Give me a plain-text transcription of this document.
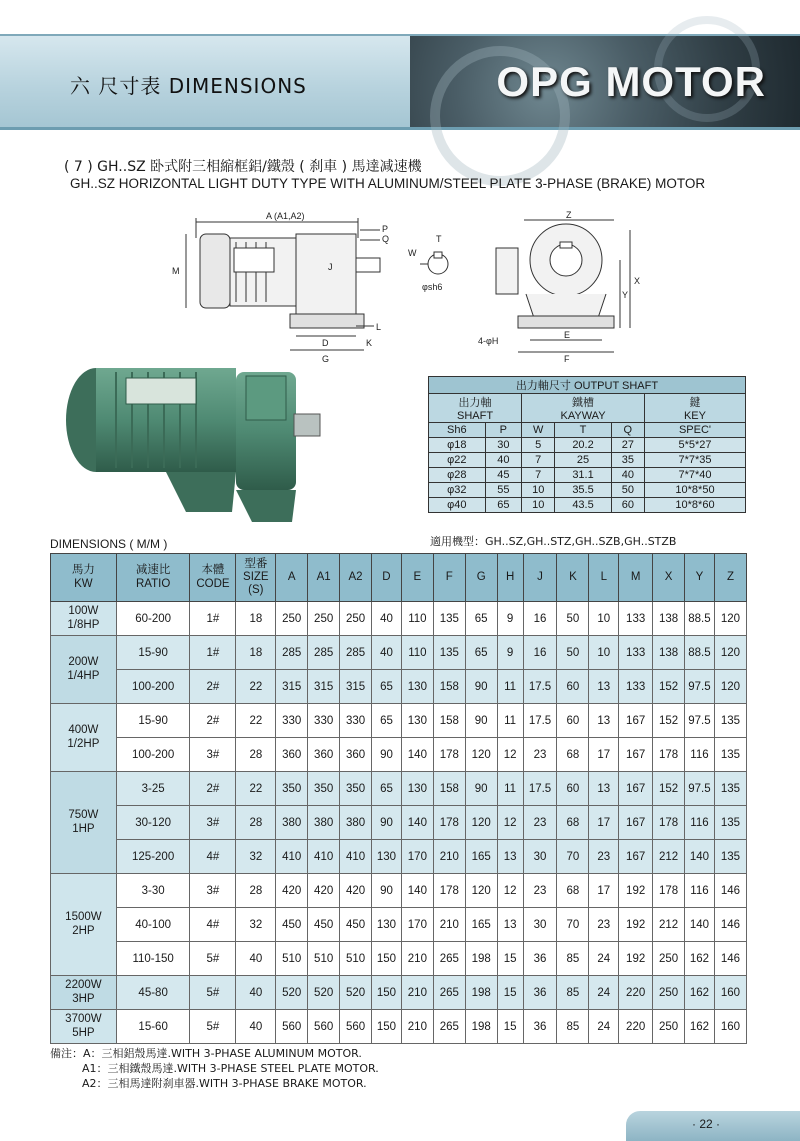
六 尺寸表 DIMENSIONS	OPG MOTOR
( 7 ) GH..SZ 卧式附三相縮框鋁/鐵殼 ( 刹車 ) 馬達减速機
GH..SZ HORIZONTAL LIGHT DUTY TYPE WITH ALUMINUM/STEEL PLATE 3-PHASE (BRAKE) MOTOR
A (A1,A2)
P
Q
M	J
L
D	K
G
T
W
φsh6
Z
X
Y
E
F
4-φH
出力軸尺寸 OUTPUT SHAFT					
出力軸
SHAFT		鐵槽
KAYWAY			鍵
KEY
Sh6	P	W	T	Q	SPEC'
φ18	30	5	20.2	27	5*5*27
φ22	40	7	25	35	7*7*35
φ28	45	7	31.1	40	7*7*40
φ32	55	10	35.5	50	10*8*50
φ40	65	10	43.5	60	10*8*60
適用機型：GH..SZ,GH..STZ,GH..SZB,GH..STZB
DIMENSIONS ( M/M )
馬力
KW	减速比
RATIO	本體
CODE	型番
SIZE
(S)	A	A1	A2	D	E	F	G	H	J	K	L	M	X	Y	Z
100W
1/8HP	60-200	1#	18	250	250	250	40	110	135	65	9	16	50	10	133	138	88.5	120
200W
1/4HP	15-90	1#	18	285	285	285	40	110	135	65	9	16	50	10	133	138	88.5	120
	100-200	2#	22	315	315	315	65	130	158	90	11	17.5	60	13	133	152	97.5	120
400W
1/2HP	15-90	2#	22	330	330	330	65	130	158	90	11	17.5	60	13	167	152	97.5	135
	100-200	3#	28	360	360	360	90	140	178	120	12	23	68	17	167	178	116	135
750W
1HP	3-25	2#	22	350	350	350	65	130	158	90	11	17.5	60	13	167	152	97.5	135
	30-120	3#	28	380	380	380	90	140	178	120	12	23	68	17	167	178	116	135
	125-200	4#	32	410	410	410	130	170	210	165	13	30	70	23	167	212	140	135
1500W
2HP	3-30	3#	28	420	420	420	90	140	178	120	12	23	68	17	192	178	116	146
	40-100	4#	32	450	450	450	130	170	210	165	13	30	70	23	192	212	140	146
	110-150	5#	40	510	510	510	150	210	265	198	15	36	85	24	192	250	162	146
2200W
3HP	45-80	5#	40	520	520	520	150	210	265	198	15	36	85	24	220	250	162	160
3700W
5HP	15-60	5#	40	560	560	560	150	210	265	198	15	36	85	24	220	250	162	160
備注：A：三相鋁殼馬達.WITH 3-PHASE ALUMINUM MOTOR.
A1：三相鐵殼馬達.WITH 3-PHASE STEEL PLATE MOTOR.
A2：三相馬達附刹車器.WITH 3-PHASE BRAKE MOTOR.
· 22 ·
